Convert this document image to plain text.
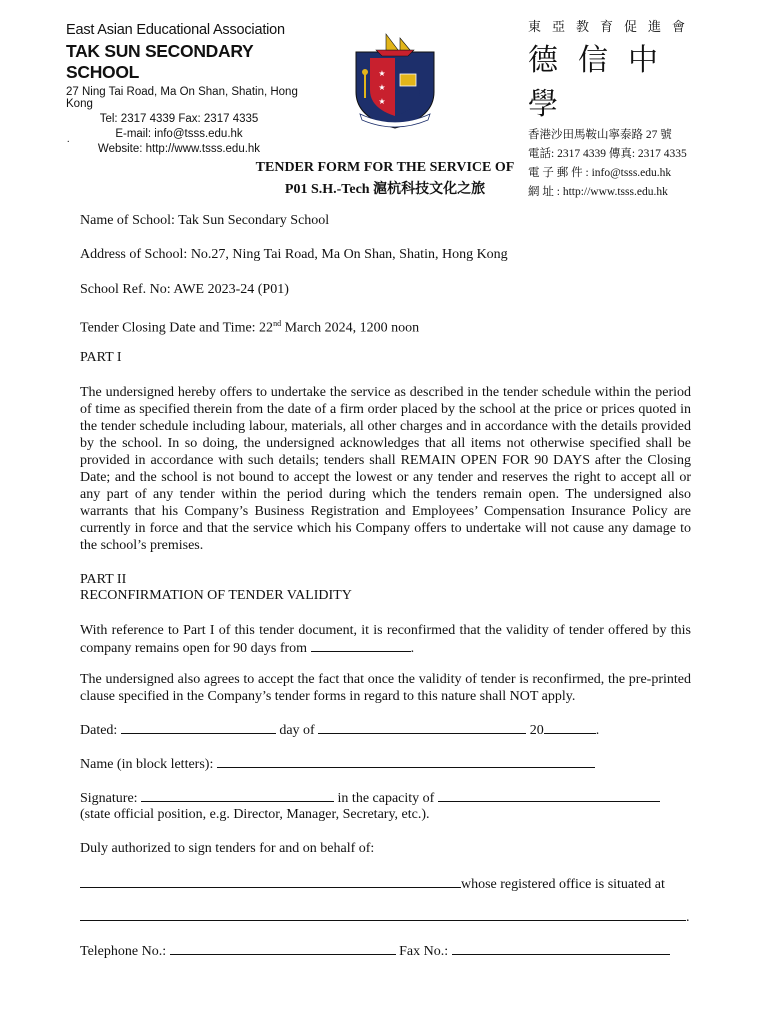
East Asian Educational Association
TAK SUN SECONDARY SCHOOL
27 Ning Tai Road, Ma On Shan, Shatin, Hong Kong
Tel: 2317 4339 Fax: 2317 4335
E-mail: info@tsss.edu.hk
Website: http://www.tsss.edu.hk
★
★
★
東亞教育促進會
德信中學
香港沙田馬鞍山寧泰路 27 號
電話: 2317 4339 傳真: 2317 4335
電 子 郵 件 : info@tsss.edu.hk
網 址 : http://www.tsss.edu.hk
.
TENDER FORM FOR THE SERVICE OF
P01 S.H.-Tech 滬杭科技文化之旅
Name of School: Tak Sun Secondary School
Address of School: No.27, Ning Tai Road, Ma On Shan, Shatin, Hong Kong
School Ref. No: AWE 2023-24 (P01)
Tender Closing Date and Time: 22nd March 2024, 1200 noon
PART I
The undersigned hereby offers to undertake the service as described in the tender schedule within the period of time as specified therein from the date of a firm order placed by the school at the price or prices quoted in the tender schedule including labour, materials, all other charges and in accordance with the details provided by the school. In so doing, the undersigned acknowledges that all items not otherwise specified shall be provided in accordance with such details; tenders shall REMAIN OPEN FOR 90 DAYS after the Closing Date; and the school is not bound to accept the lowest or any tender and reserves the right to accept all or any part of any tender within the period during which the tenders remain open. The undersigned also warrants that his Company’s Business Registration and Employees’ Compensation Insurance Policy are currently in force and that the service which his Company offers to undertake will not cause any damage to the school’s premises.
PART II
RECONFIRMATION OF TENDER VALIDITY
With reference to Part I of this tender document, it is reconfirmed that the validity of tender offered by this company remains open for 90 days from	.
The undersigned also agrees to accept the fact that once the validity of tender is reconfirmed, the pre-printed clause specified in the Company’s tender forms in regard to this nature shall NOT apply.
Dated:	day of	20	.
Name (in block letters):
Signature:	in the capacity of
(state official position, e.g. Director, Manager, Secretary, etc.).
Duly authorized to sign tenders for and on behalf of:
whose registered office is situated at
.
Telephone No.:	Fax No.:
